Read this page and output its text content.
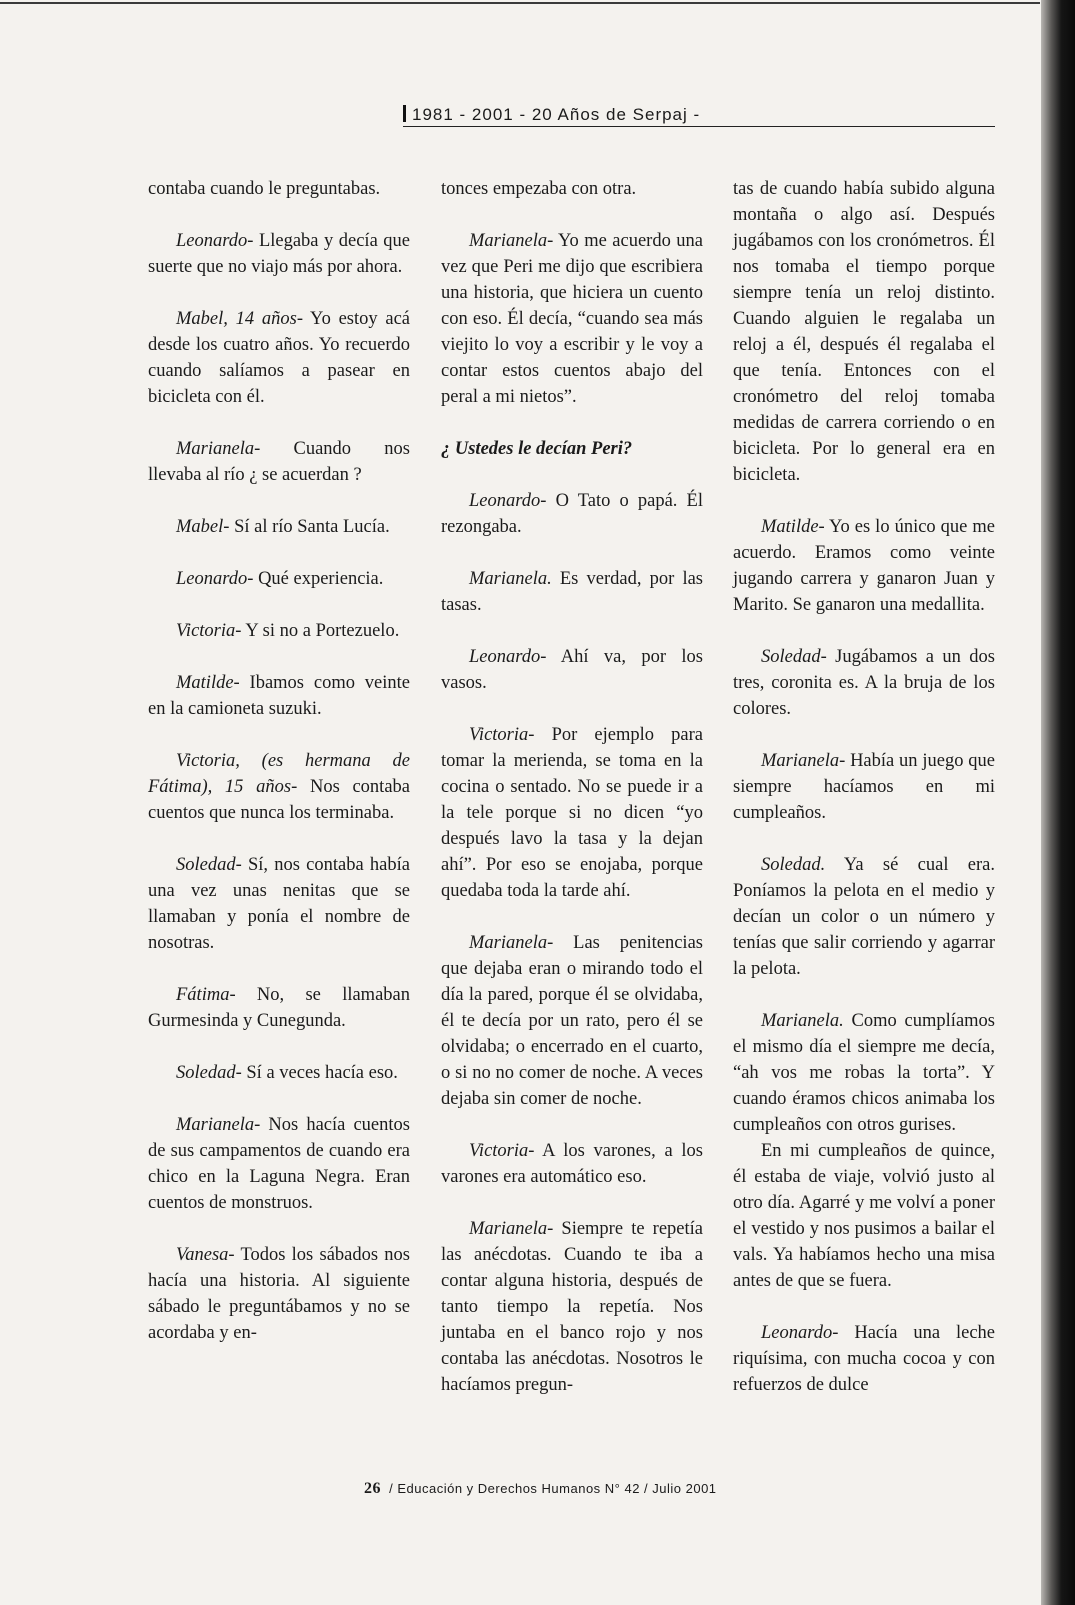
1981 - 2001 - 20 Años de Serpaj -

contaba cuando le preguntabas.

Leonardo- Llegaba y decía que suerte que no viajo más por ahora.

Mabel, 14 años- Yo estoy acá desde los cuatro años. Yo recuerdo cuando salíamos a pasear en bicicleta con él.

Marianela- Cuando nos llevaba al río ¿ se acuerdan ?

Mabel- Sí al río Santa Lucía.

Leonardo- Qué experiencia.

Victoria- Y si no a Portezuelo.

Matilde- Ibamos como veinte en la camioneta suzuki.

Victoria, (es hermana de Fátima), 15 años- Nos contaba cuentos que nunca los terminaba.

Soledad- Sí, nos contaba había una vez unas nenitas que se llamaban y ponía el nombre de nosotras.

Fátima- No, se llamaban Gurmesinda y Cunegunda.

Soledad- Sí a veces hacía eso.

Marianela- Nos hacía cuentos de sus campamentos de cuando era chico en la Laguna Negra. Eran cuentos de monstruos.

Vanesa- Todos los sábados nos hacía una historia. Al siguiente sábado le preguntábamos y no se acordaba y en-

tonces empezaba con otra.

Marianela- Yo me acuerdo una vez que Peri me dijo que escribiera una historia, que hiciera un cuento con eso. Él decía, “cuando sea más viejito lo voy a escribir y le voy a contar estos cuentos abajo del peral a mi nietos”.

¿ Ustedes le decían Peri?

Leonardo- O Tato o papá. Él rezongaba.

Marianela. Es verdad, por las tasas.

Leonardo- Ahí va, por los vasos.

Victoria- Por ejemplo para tomar la merienda, se toma en la cocina o sentado. No se puede ir a la tele porque si no dicen “yo después lavo la tasa y la dejan ahí”. Por eso se enojaba, porque quedaba toda la tarde ahí.

Marianela- Las penitencias que dejaba eran o mirando todo el día la pared, porque él se olvidaba, él te decía por un rato, pero él se olvidaba; o encerrado en el cuarto, o si no no comer de noche. A veces dejaba sin comer de noche.

Victoria- A los varones, a los varones era automático eso.

Marianela- Siempre te repetía las anécdotas. Cuando te iba a contar alguna historia, después de tanto tiempo la repetía. Nos juntaba en el banco rojo y nos contaba las anécdotas. Nosotros le hacíamos pregun-

tas de cuando había subido alguna montaña o algo así. Después jugábamos con los cronómetros. Él nos tomaba el tiempo porque siempre tenía un reloj distinto. Cuando alguien le regalaba un reloj a él, después él regalaba el que tenía. Entonces con el cronómetro del reloj tomaba medidas de carrera corriendo o en bicicleta. Por lo general era en bicicleta.

Matilde- Yo es lo único que me acuerdo. Eramos como veinte jugando carrera y ganaron Juan y Marito. Se ganaron una medallita.

Soledad- Jugábamos a un dos tres, coronita es. A la bruja de los colores.

Marianela- Había un juego que siempre hacíamos en mi cumpleaños.

Soledad. Ya sé cual era. Poníamos la pelota en el medio y decían un color o un número y tenías que salir corriendo y agarrar la pelota.

Marianela. Como cumplíamos el mismo día el siempre me decía, “ah vos me robas la torta”. Y cuando éramos chicos animaba los cumpleaños con otros gurises.

En mi cumpleaños de quince, él estaba de viaje, volvió justo al otro día. Agarré y me volví a poner el vestido y nos pusimos a bailar el vals. Ya habíamos hecho una misa antes de que se fuera.

Leonardo- Hacía una leche riquísima, con mucha cocoa y con refuerzos de dulce

26 / Educación y Derechos Humanos N° 42 / Julio 2001
